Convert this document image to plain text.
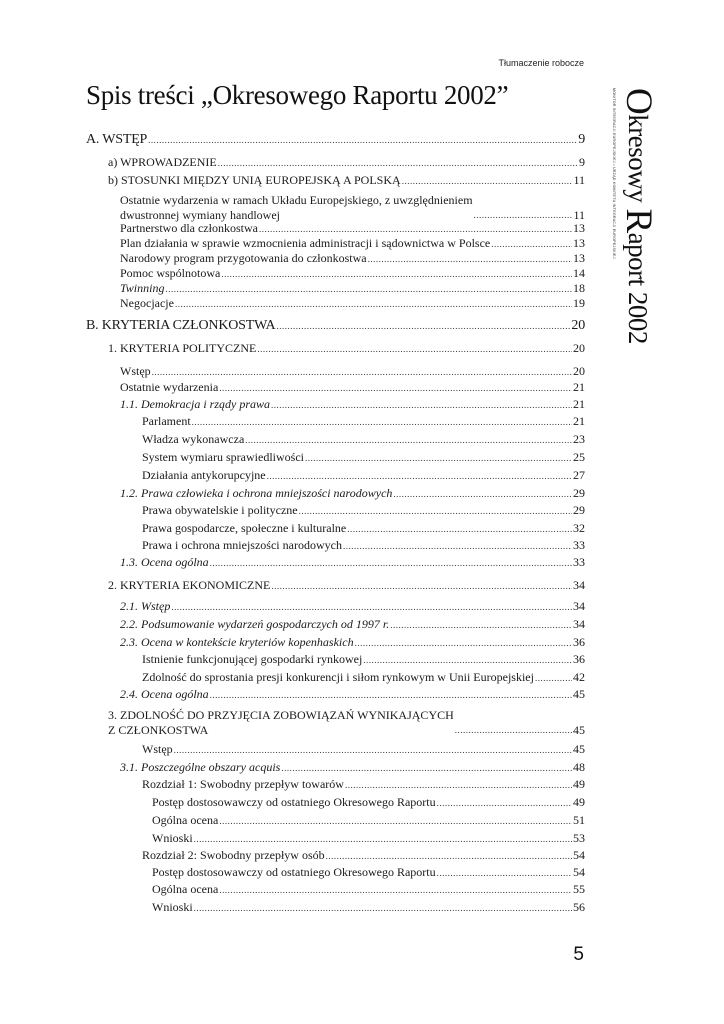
Tłumaczenie robocze
Spis treści „Okresowego Raportu 2002”	Okresowy Raport 2002
MONITOR INTEGRACJI EUROPEJSKIEJ • URZĄD KOMITETU INTEGRACJI EUROPEJSKIEJ
A. WSTĘP .....	9
a) WPROWADZENIE .....	9
b) STOSUNKI MIĘDZY UNIĄ EUROPEJSKĄ A POLSKĄ .....	11
Ostatnie wydarzenia w ramach Układu Europejskiego, z uwzględnieniem
dwustronnej wymiany handlowej .....	11
Partnerstwo dla członkostwa .....	13
Plan działania w sprawie wzmocnienia administracji i sądownictwa w Polsce .....	13
Narodowy program przygotowania do członkostwa .....	13
Pomoc wspólnotowa .....	14
Twinning .....	18
Negocjacje .....	19
B. KRYTERIA CZŁONKOSTWA .....	20
1. KRYTERIA POLITYCZNE .....	20
Wstęp .....	20
Ostatnie wydarzenia .....	21
1.1. Demokracja i rządy prawa .....	21
Parlament .....	21
Władza wykonawcza .....	23
System wymiaru sprawiedliwości .....	25
Działania antykorupcyjne .....	27
1.2. Prawa człowieka i ochrona mniejszości narodowych .....	29
Prawa obywatelskie i polityczne .....	29
Prawa gospodarcze, społeczne i kulturalne .....	32
Prawa i ochrona mniejszości narodowych .....	33
1.3. Ocena ogólna .....	33
2. KRYTERIA EKONOMICZNE .....	34
2.1. Wstęp .....	34
2.2. Podsumowanie wydarzeń gospodarczych od 1997 r. .....	34
2.3. Ocena w kontekście kryteriów kopenhaskich .....	36
Istnienie funkcjonującej gospodarki rynkowej .....	36
Zdolność do sprostania presji konkurencji i siłom rynkowym w Unii Europejskiej .....	42
2.4. Ocena ogólna .....	45
3. ZDOLNOŚĆ DO PRZYJĘCIA ZOBOWIĄZAŃ WYNIKAJĄCYCH
Z CZŁONKOSTWA .....	45
Wstęp .....	45
3.1. Poszczególne obszary acquis .....	48
Rozdział 1: Swobodny przepływ towarów .....	49
Postęp dostosowawczy od ostatniego Okresowego Raportu .....	49
Ogólna ocena .....	51
Wnioski .....	53
Rozdział 2: Swobodny przepływ osób .....	54
Postęp dostosowawczy od ostatniego Okresowego Raportu .....	54
Ogólna ocena .....	55
Wnioski .....	56
5
